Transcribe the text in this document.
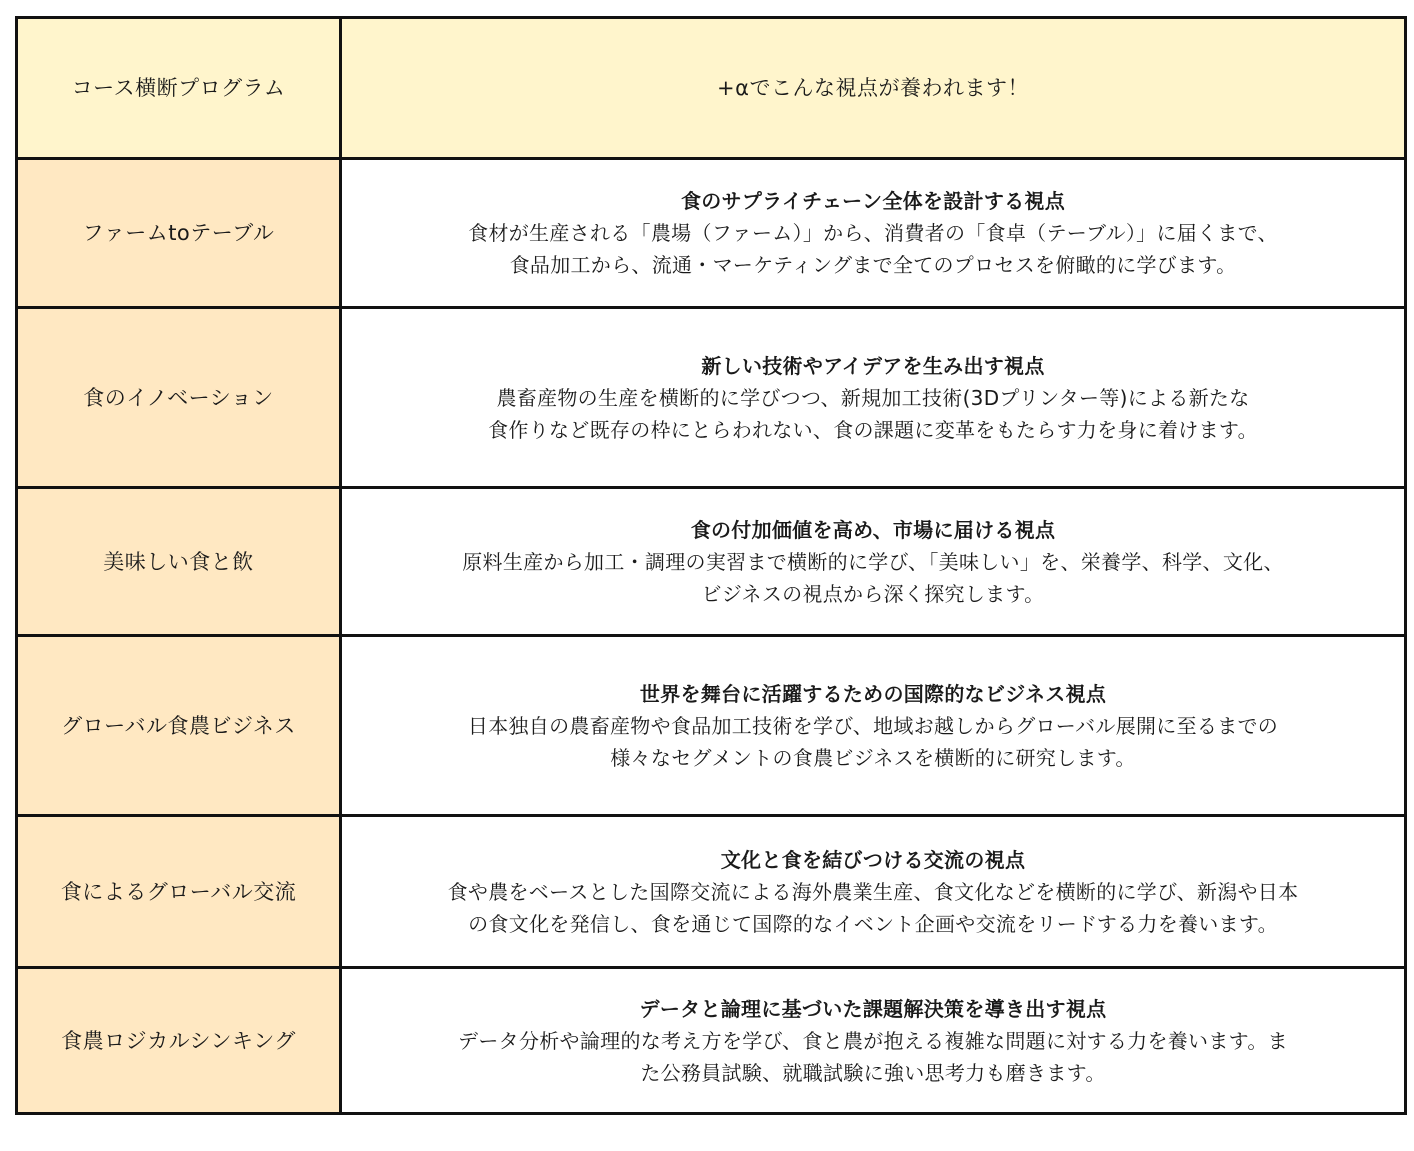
コース横断プログラム	+αでこんな視点が養われます！
ファームtoテーブル	食のサプライチェーン全体を設計する視点
食材が生産される「農場（ファーム）」から、消費者の「食卓（テーブル）」に届くまで、
食品加工から、流通・マーケティングまで全てのプロセスを俯瞰的に学びます。

食のイノベーション	新しい技術やアイデアを生み出す視点
農畜産物の生産を横断的に学びつつ、新規加工技術(3Dプリンター等)による新たな
食作りなど既存の枠にとらわれない、食の課題に変革をもたらす力を身に着けます。

美味しい食と飲	食の付加価値を高め、市場に届ける視点
原料生産から加工・調理の実習まで横断的に学び、「美味しい」を、栄養学、科学、文化、
ビジネスの視点から深く探究します。

グローバル食農ビジネス	世界を舞台に活躍するための国際的なビジネス視点
日本独自の農畜産物や食品加工技術を学び、地域お越しからグローバル展開に至るまでの
様々なセグメントの食農ビジネスを横断的に研究します。

食によるグローバル交流	文化と食を結びつける交流の視点
食や農をベースとした国際交流による海外農業生産、食文化などを横断的に学び、新潟や日本
の食文化を発信し、食を通じて国際的なイベント企画や交流をリードする力を養います。

食農ロジカルシンキング	データと論理に基づいた課題解決策を導き出す視点
データ分析や論理的な考え方を学び、食と農が抱える複雑な問題に対する力を養います。ま
た公務員試験、就職試験に強い思考力も磨きます。
